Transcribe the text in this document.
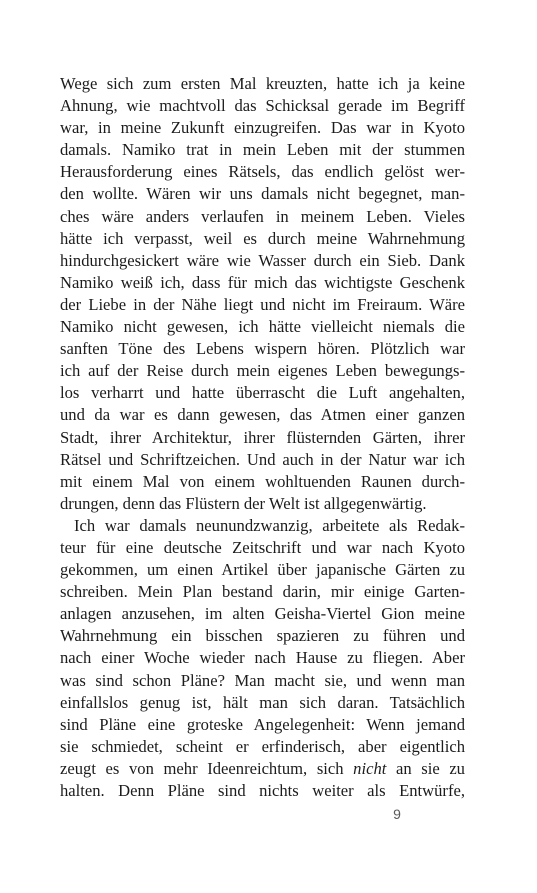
Wege sich zum ersten Mal kreuzten, hatte ich ja keine
Ahnung, wie machtvoll das Schicksal gerade im Begriff
war, in meine Zukunft einzugreifen. Das war in Kyoto
damals. Namiko trat in mein Leben mit der stummen
Herausforderung eines Rätsels, das endlich gelöst wer-
den wollte. Wären wir uns damals nicht begegnet, man-
ches wäre anders verlaufen in meinem Leben. Vieles
hätte ich verpasst, weil es durch meine Wahrnehmung
hindurchgesickert wäre wie Wasser durch ein Sieb. Dank
Namiko weiß ich, dass für mich das wichtigste Geschenk
der Liebe in der Nähe liegt und nicht im Freiraum. Wäre
Namiko nicht gewesen, ich hätte vielleicht niemals die
sanften Töne des Lebens wispern hören. Plötzlich war
ich auf der Reise durch mein eigenes Leben bewegungs-
los verharrt und hatte überrascht die Luft angehalten,
und da war es dann gewesen, das Atmen einer ganzen
Stadt, ihrer Architektur, ihrer flüsternden Gärten, ihrer
Rätsel und Schriftzeichen. Und auch in der Natur war ich
mit einem Mal von einem wohltuenden Raunen durch-
drungen, denn das Flüstern der Welt ist allgegenwärtig.
Ich war damals neunundzwanzig, arbeitete als Redak-
teur für eine deutsche Zeitschrift und war nach Kyoto
gekommen, um einen Artikel über japanische Gärten zu
schreiben. Mein Plan bestand darin, mir einige Garten-
anlagen anzusehen, im alten Geisha-Viertel Gion meine
Wahrnehmung ein bisschen spazieren zu führen und
nach einer Woche wieder nach Hause zu fliegen. Aber
was sind schon Pläne? Man macht sie, und wenn man
einfallslos genug ist, hält man sich daran. Tatsächlich
sind Pläne eine groteske Angelegenheit: Wenn jemand
sie schmiedet, scheint er erfinderisch, aber eigentlich
zeugt es von mehr Ideenreichtum, sich nicht an sie zu
halten. Denn Pläne sind nichts weiter als Entwürfe,
9
